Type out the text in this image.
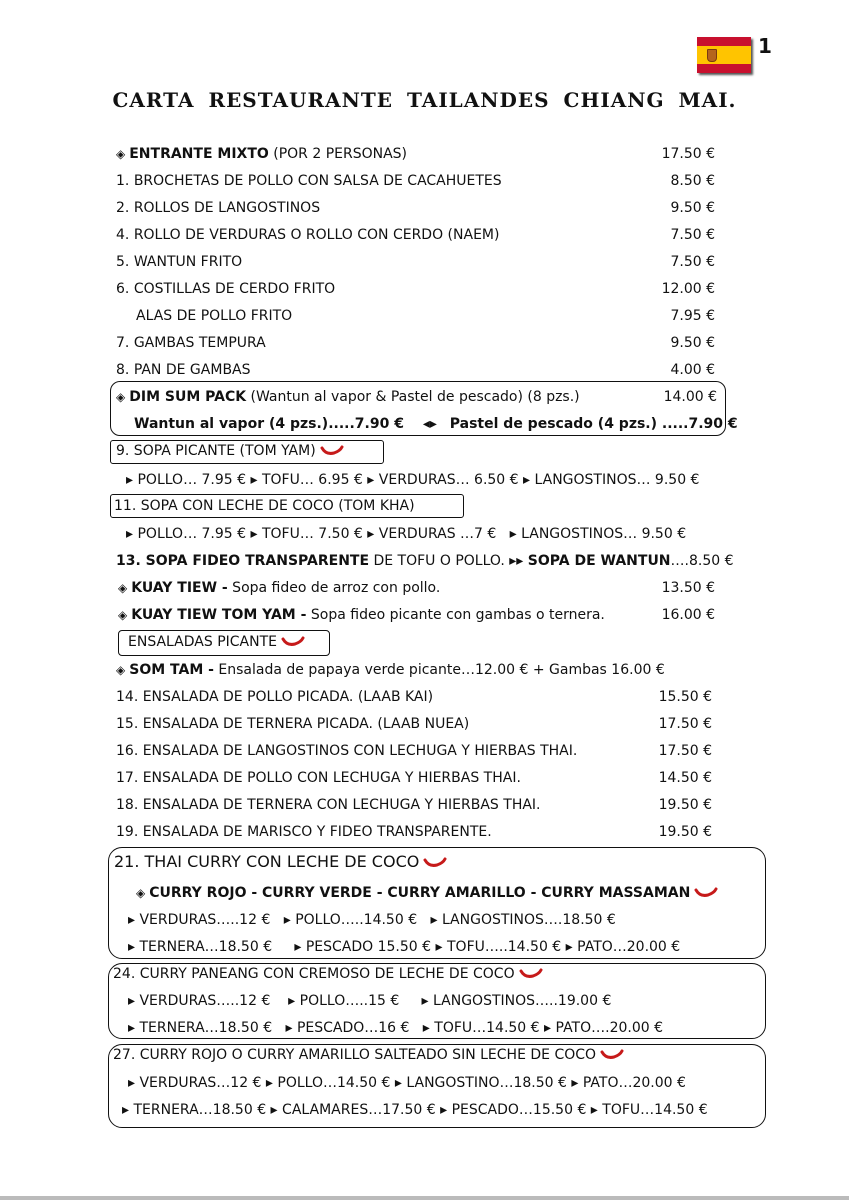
1
CARTA RESTAURANTE TAILANDES CHIANG MAI.
◈ ENTRANTE MIXTO (POR 2 PERSONAS)	17.50 €
1. BROCHETAS DE POLLO CON SALSA DE CACAHUETES	8.50 €
2. ROLLOS DE LANGOSTINOS	9.50 €
4. ROLLO DE VERDURAS O ROLLO CON CERDO (NAEM)	7.50 €
5. WANTUN FRITO	7.50 €
6. COSTILLAS DE CERDO FRITO	12.00 €
ALAS DE POLLO FRITO	7.95 €
7. GAMBAS TEMPURA	9.50 €
8. PAN DE GAMBAS	4.00 €
◈ DIM SUM PACK (Wantun al vapor & Pastel de pescado) (8 pzs.)	14.00 €
Wantun al vapor (4 pzs.).....7.90 € ◂▸ Pastel de pescado (4 pzs.) .....7.90 €
9. SOPA PICANTE (TOM YAM)
▸ POLLO… 7.95 € ▸ TOFU… 6.95 € ▸ VERDURAS… 6.50 € ▸ LANGOSTINOS… 9.50 €
11. SOPA CON LECHE DE COCO (TOM KHA)
▸ POLLO… 7.95 € ▸ TOFU… 7.50 € ▸ VERDURAS …7 €   ▸ LANGOSTINOS… 9.50 €
13. SOPA FIDEO TRANSPARENTE DE TOFU O POLLO. ▸▸ SOPA DE WANTUN….8.50 €
◈ KUAY TIEW - Sopa fideo de arroz con pollo.	13.50 €
◈ KUAY TIEW TOM YAM - Sopa fideo picante con gambas o ternera.	16.00 €
ENSALADAS PICANTE
◈ SOM TAM - Ensalada de papaya verde picante…12.00 € + Gambas 16.00 €
14. ENSALADA DE POLLO PICADA. (LAAB KAI)	15.50 €
15. ENSALADA DE TERNERA PICADA. (LAAB NUEA)	17.50 €
16. ENSALADA DE LANGOSTINOS CON LECHUGA Y HIERBAS THAI.	17.50 €
17. ENSALADA DE POLLO CON LECHUGA Y HIERBAS THAI.	14.50 €
18. ENSALADA DE TERNERA CON LECHUGA Y HIERBAS THAI.	19.50 €
19. ENSALADA DE MARISCO Y FIDEO TRANSPARENTE.	19.50 €
21. THAI CURRY CON LECHE DE COCO
◈ CURRY ROJO - CURRY VERDE - CURRY AMARILLO - CURRY MASSAMAN
▸ VERDURAS…..12 €   ▸ POLLO…..14.50 €   ▸ LANGOSTINOS….18.50 €
▸ TERNERA…18.50 €     ▸ PESCADO 15.50 € ▸ TOFU…..14.50 € ▸ PATO…20.00 €
24. CURRY PANEANG CON CREMOSO DE LECHE DE COCO
▸ VERDURAS…..12 €    ▸ POLLO…..15 €     ▸ LANGOSTINOS…..19.00 €
▸ TERNERA…18.50 €   ▸ PESCADO…16 €   ▸ TOFU…14.50 € ▸ PATO….20.00 €
27. CURRY ROJO O CURRY AMARILLO SALTEADO SIN LECHE DE COCO
▸ VERDURAS…12 € ▸ POLLO…14.50 € ▸ LANGOSTINO…18.50 € ▸ PATO…20.00 €
▸ TERNERA…18.50 € ▸ CALAMARES…17.50 € ▸ PESCADO…15.50 € ▸ TOFU…14.50 €
